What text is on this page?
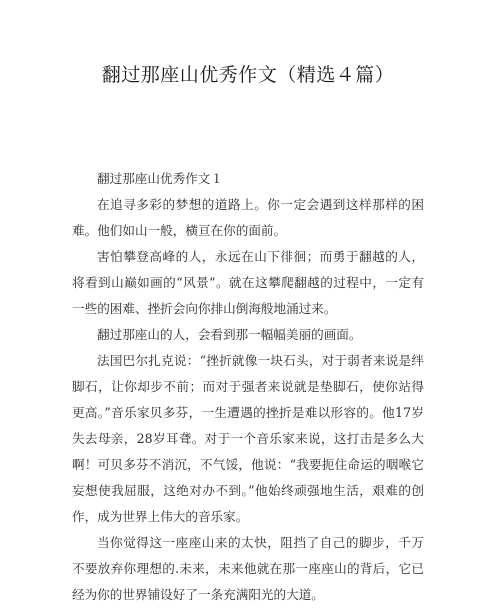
翻过那座山优秀作文（精选４篇）

翻过那座山优秀作文１

在追寻多彩的梦想的道路上。你一定会遇到这样那样的困难。他们如山一般，横亘在你的面前。

害怕攀登高峰的人，永远在山下徘徊；而勇于翻越的人，将看到山巅如画的“风景”。就在这攀爬翻越的过程中，一定有一些的困难、挫折会向你排山倒海般地涌过来。

翻过那座山的人，会看到那一幅幅美丽的画面。

法国巴尔扎克说：“挫折就像一块石头，对于弱者来说是绊脚石，让你却步不前；而对于强者来说就是垫脚石，使你站得更高。”音乐家贝多芬，一生遭遇的挫折是难以形容的。他17岁失去母亲，28岁耳聋。对于一个音乐家来说，这打击是多么大啊！可贝多芬不消沉，不气馁，他说：“我要扼住命运的咽喉它妄想使我屈服，这绝对办不到。”他始终顽强地生活，艰难的创作，成为世界上伟大的音乐家。

当你觉得这一座座山来的太快，阻挡了自己的脚步，千万不要放弃你理想的.未来，未来他就在那一座座山的背后，它已经为你的世界铺设好了一条充满阳光的大道。
